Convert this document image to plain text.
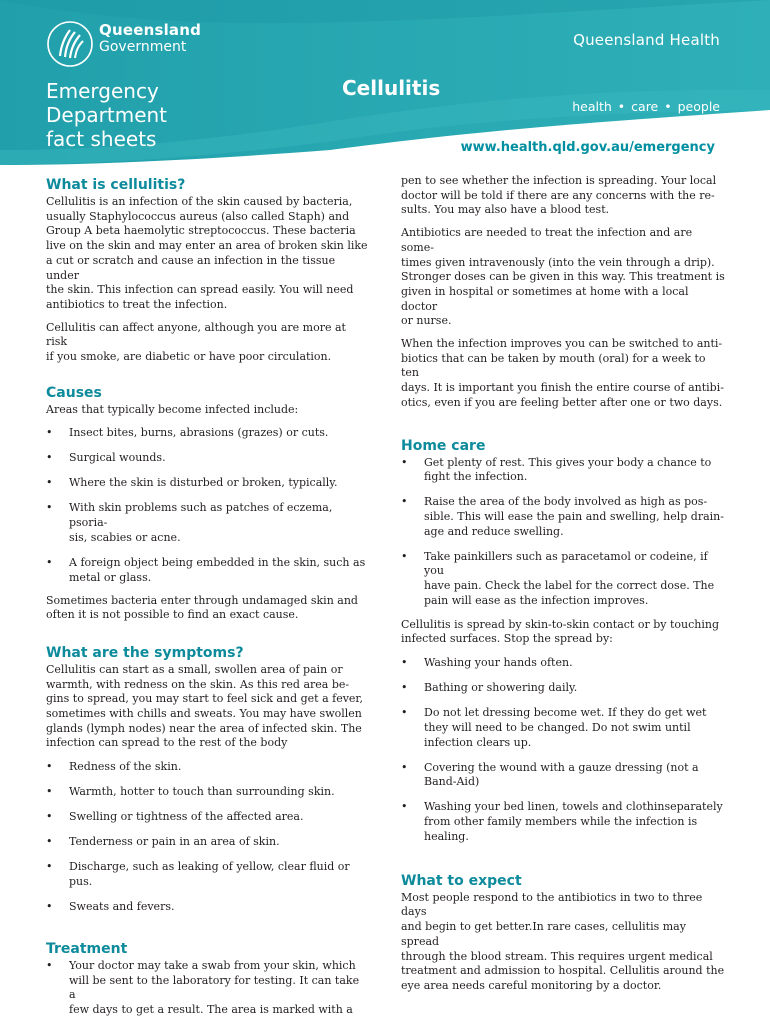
Queensland
Government	Queensland Health
Emergency
Department
fact sheets
Cellulitis
health • care • people
www.health.qld.gov.au/emergency
What is cellulitis?

Cellulitis is an infection of the skin caused by bacteria,
usually Staphylococcus aureus (also called Staph) and
Group A beta haemolytic streptococcus. These bacteria
live on the skin and may enter an area of broken skin like
a cut or scratch and cause an infection in the tissue under
the skin. This infection can spread easily. You will need
antibiotics to treat the infection.

Cellulitis can affect anyone, although you are more at risk
if you smoke, are diabetic or have poor circulation.

Causes

Areas that typically become infected include:

• Insect bites, burns, abrasions (grazes) or cuts.
• Surgical wounds.
• Where the skin is disturbed or broken, typically.
• With skin problems such as patches of eczema, psoria-
sis, scabies or acne.
• A foreign object being embedded in the skin, such as
metal or glass.

Sometimes bacteria enter through undamaged skin and
often it is not possible to find an exact cause.

What are the symptoms?

Cellulitis can start as a small, swollen area of pain or
warmth, with redness on the skin. As this red area be-
gins to spread, you may start to feel sick and get a fever,
sometimes with chills and sweats. You may have swollen
glands (lymph nodes) near the area of infected skin. The
infection can spread to the rest of the body

• Redness of the skin.
• Warmth, hotter to touch than surrounding skin.
• Swelling or tightness of the affected area.
• Tenderness or pain in an area of skin.
• Discharge, such as leaking of yellow, clear fluid or pus.
• Sweats and fevers.
Treatment
• Your doctor may take a swab from your skin, which
will be sent to the laboratory for testing. It can take a
few days to get a result. The area is marked with a

pen to see whether the infection is spreading. Your local
doctor will be told if there are any concerns with the re-
sults. You may also have a blood test.

Antibiotics are needed to treat the infection and are some-
times given intravenously (into the vein through a drip).
Stronger doses can be given in this way. This treatment is
given in hospital or sometimes at home with a local doctor
or nurse.

When the infection improves you can be switched to anti-
biotics that can be taken by mouth (oral) for a week to ten
days. It is important you finish the entire course of antibi-
otics, even if you are feeling better after one or two days.

Home care
• Get plenty of rest. This gives your body a chance to
fight the infection.
• Raise the area of the body involved as high as pos-
sible. This will ease the pain and swelling, help drain-
age and reduce swelling.
• Take painkillers such as paracetamol or codeine, if you
have pain. Check the label for the correct dose. The
pain will ease as the infection improves.

Cellulitis is spread by skin-to-skin contact or by touching
infected surfaces. Stop the spread by:

• Washing your hands often.
• Bathing or showering daily.
• Do not let dressing become wet. If they do get wet
they will need to be changed. Do not swim until
infection clears up.
• Covering the wound with a gauze dressing (not a
Band-Aid)
• Washing your bed linen, towels and clothinseparately
from other family members while the infection is
healing.
What to expect

Most people respond to the antibiotics in two to three days
and begin to get better.In rare cases, cellulitis may spread
through the blood stream. This requires urgent medical
treatment and admission to hospital. Cellulitis around the
eye area needs careful monitoring by a doctor.
